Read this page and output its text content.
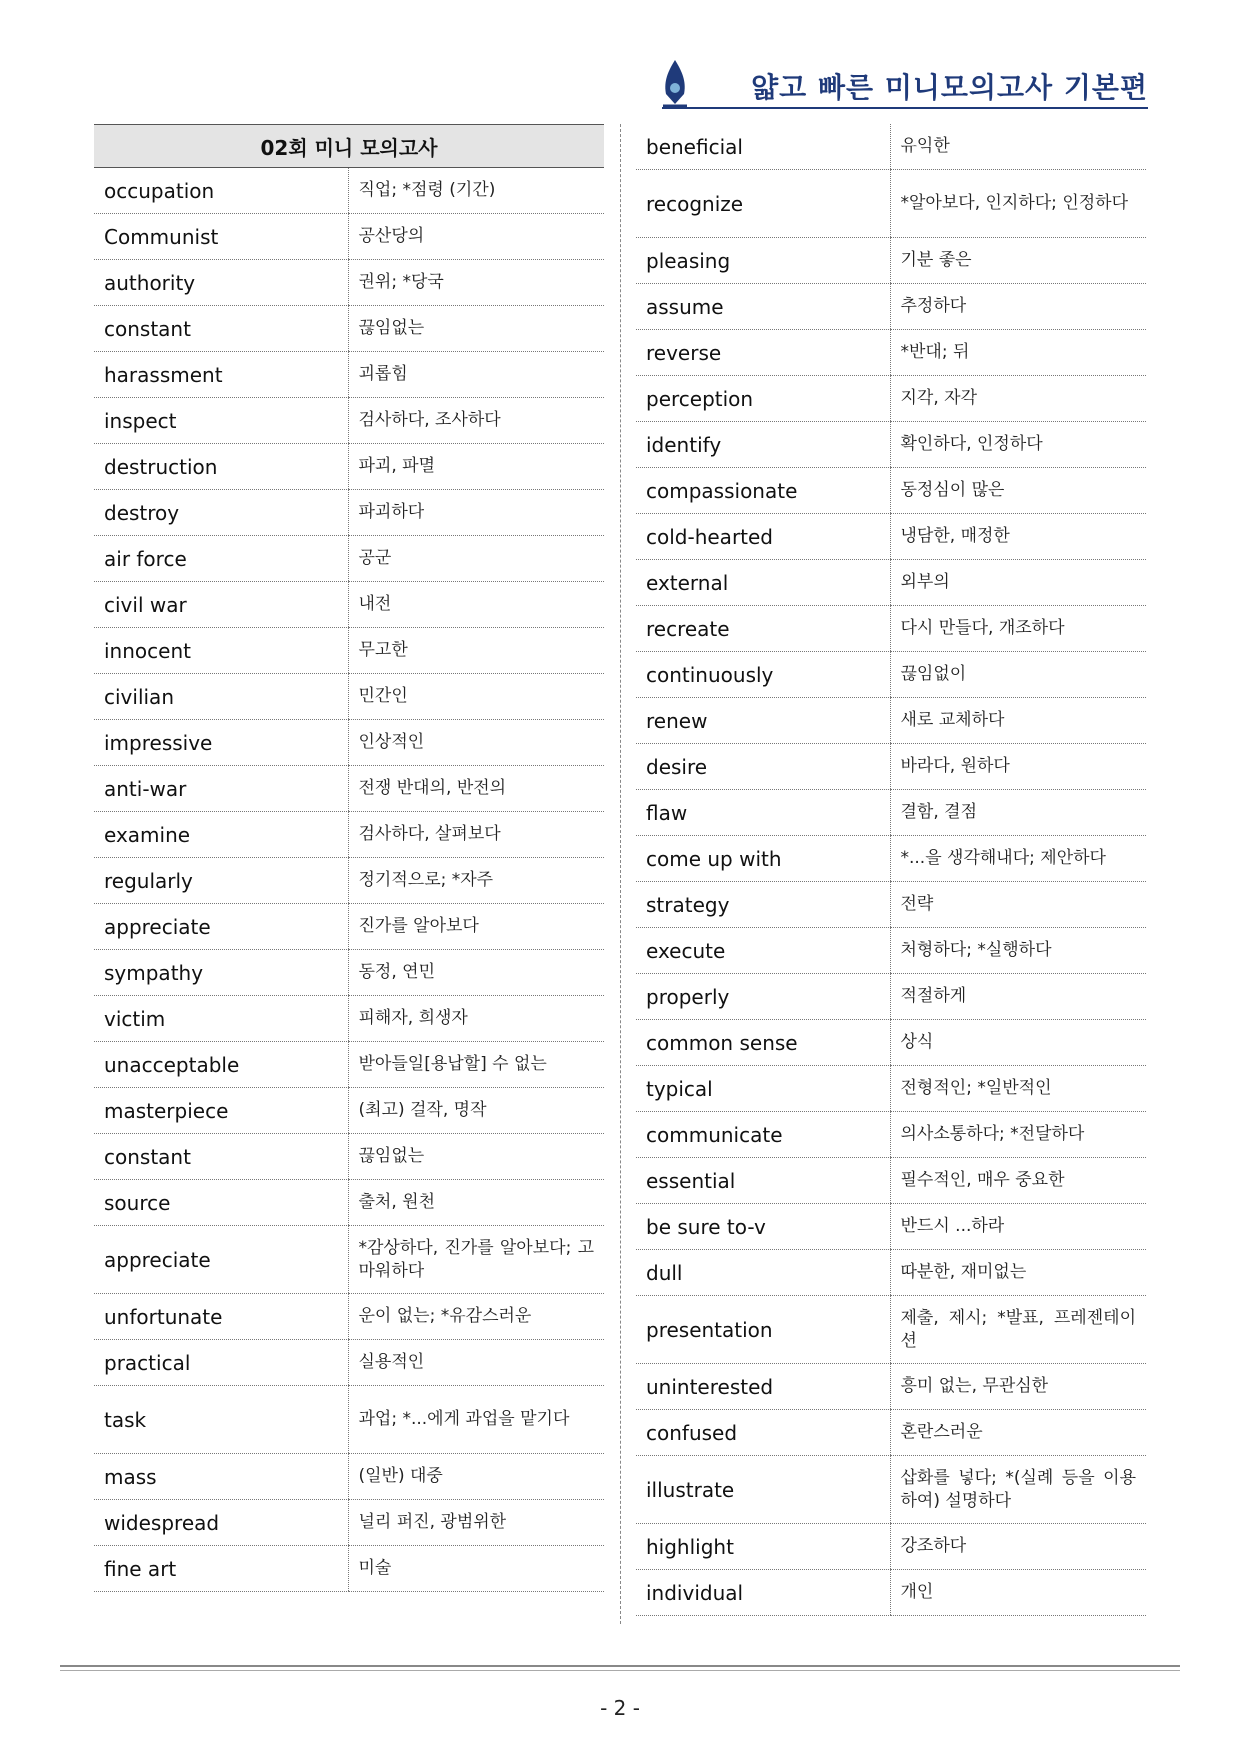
얇고 빠른 미니모의고사 기본편
02회 미니 모의고사	
occupation	직업; *점령 (기간)
Communist	공산당의
authority	권위; *당국
constant	끊임없는
harassment	괴롭힘
inspect	검사하다, 조사하다
destruction	파괴, 파멸
destroy	파괴하다
air force	공군
civil war	내전
innocent	무고한
civilian	민간인
impressive	인상적인
anti-war	전쟁 반대의, 반전의
examine	검사하다, 살펴보다
regularly	정기적으로; *자주
appreciate	진가를 알아보다
sympathy	동정, 연민
victim	피해자, 희생자
unacceptable	받아들일[용납할] 수 없는
masterpiece	(최고) 걸작, 명작
constant	끊임없는
source	출처, 원천
appreciate	*감상하다, 진가를 알아보다; 고마워하다
unfortunate	운이 없는; *유감스러운
practical	실용적인
task	과업; *...에게 과업을 맡기다
mass	(일반) 대중
widespread	널리 퍼진, 광범위한
fine art	미술
beneficial	유익한
recognize	*알아보다, 인지하다; 인정하다
pleasing	기분 좋은
assume	추정하다
reverse	*반대; 뒤
perception	지각, 자각
identify	확인하다, 인정하다
compassionate	동정심이 많은
cold-hearted	냉담한, 매정한
external	외부의
recreate	다시 만들다, 개조하다
continuously	끊임없이
renew	새로 교체하다
desire	바라다, 원하다
flaw	결함, 결점
come up with	*...을 생각해내다; 제안하다
strategy	전략
execute	처형하다; *실행하다
properly	적절하게
common sense	상식
typical	전형적인; *일반적인
communicate	의사소통하다; *전달하다
essential	필수적인, 매우 중요한
be sure to-v	반드시 ...하라
dull	따분한, 재미없는
presentation	제출, 제시; *발표, 프레젠테이션
uninterested	흥미 없는, 무관심한
confused	혼란스러운
illustrate	삽화를 넣다; *(실례 등을 이용하여) 설명하다
highlight	강조하다
individual	개인
- 2 -
